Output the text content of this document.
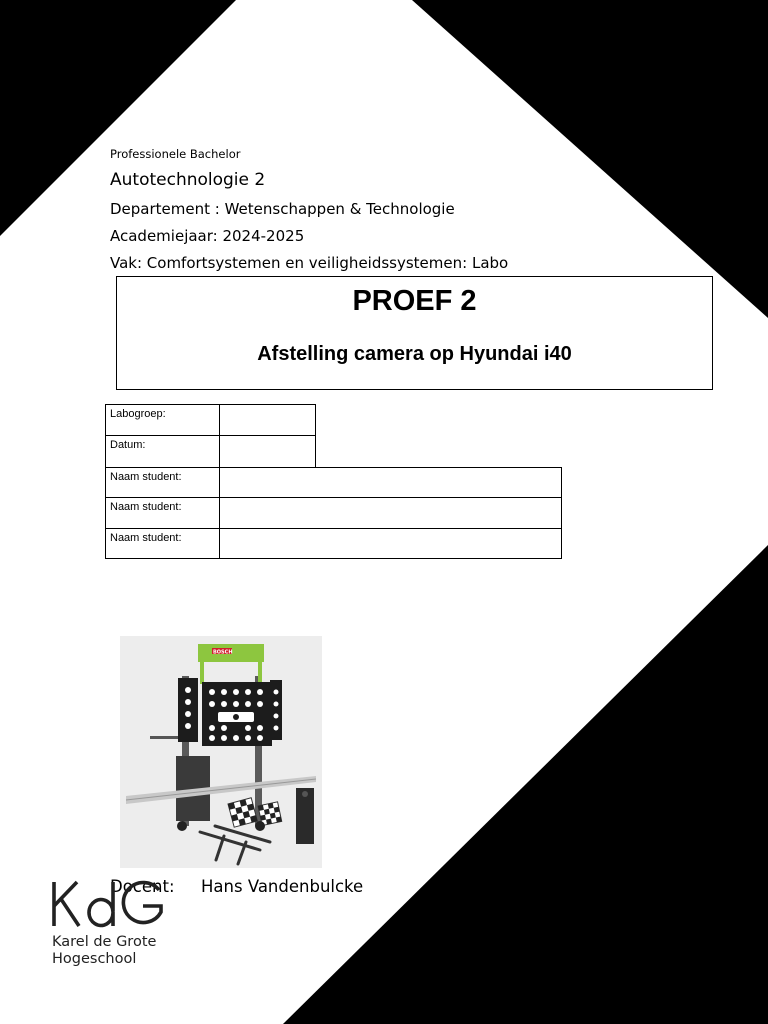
Professionele Bachelor
Autotechnologie 2
Departement : Wetenschappen & Technologie
Academiejaar: 2024-2025
Vak: Comfortsystemen en veiligheidssystemen: Labo
PROEF 2
Afstelling camera op Hyundai i40
Labogroep:
Datum:
Naam student:
Naam student:
Naam student:
BOSCH
Docent: Hans Vandenbulcke
Karel de Grote
Hogeschool
